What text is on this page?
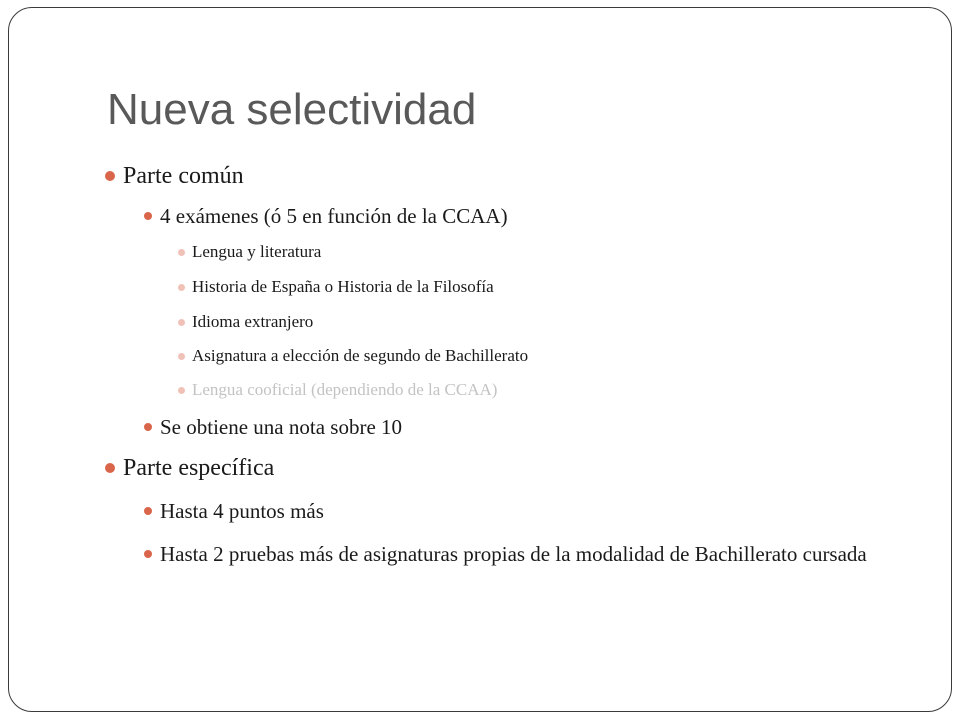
Nueva selectividad
Parte común
4 exámenes (ó 5 en función de la CCAA)
Lengua y literatura
Historia de España o Historia de la Filosofía
Idioma extranjero
Asignatura a elección de segundo de Bachillerato
Lengua cooficial (dependiendo de la CCAA)
Se obtiene una nota sobre 10
Parte específica
Hasta 4 puntos más
Hasta 2 pruebas más de asignaturas propias de la modalidad de Bachillerato cursada
